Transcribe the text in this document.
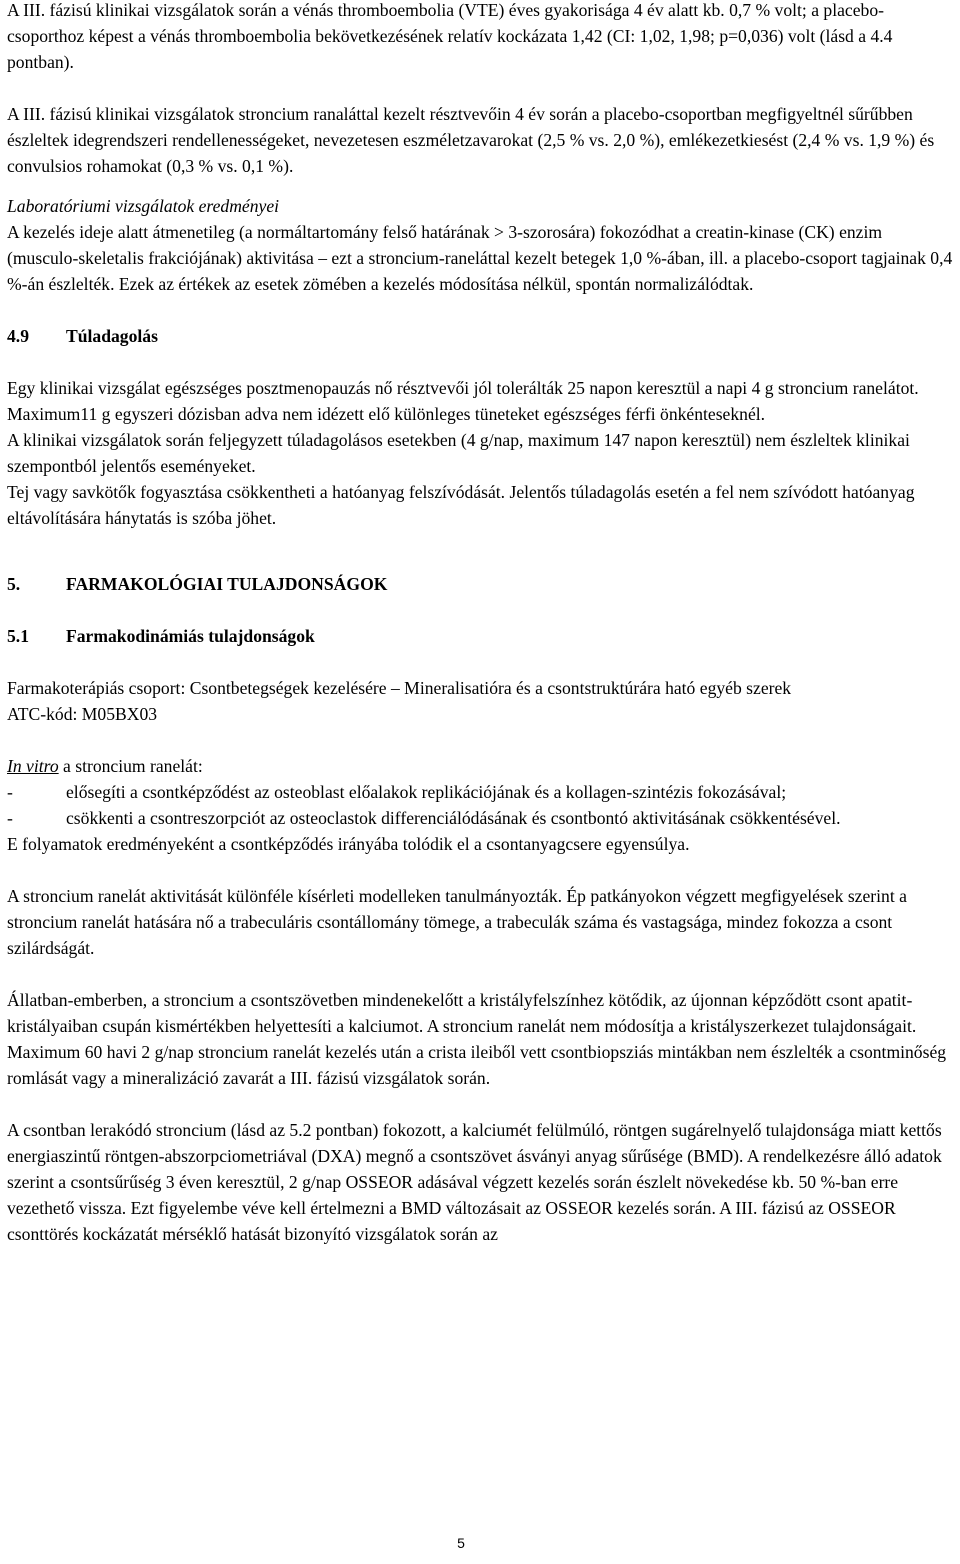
A III. fázisú klinikai vizsgálatok során a vénás thromboembolia (VTE) éves gyakorisága 4 év alatt kb. 0,7 % volt; a placebo-csoporthoz képest a vénás thromboembolia bekövetkezésének relatív kockázata 1,42 (CI: 1,02, 1,98; p=0,036) volt (lásd a 4.4 pontban).

A III. fázisú klinikai vizsgálatok stroncium ranaláttal kezelt résztvevőin 4 év során a placebo-csoportban megfigyeltnél sűrűbben észleltek idegrendszeri rendellenességeket, nevezetesen eszméletzavarokat (2,5 % vs. 2,0 %), emlékezetkiesést (2,4 % vs. 1,9 %) és convulsios rohamokat (0,3 % vs. 0,1 %).

Laboratóriumi vizsgálatok eredményei

A kezelés ideje alatt átmenetileg (a normáltartomány felső határának > 3-szorosára) fokozódhat a creatin-kinase (CK) enzim (musculo-skeletalis frakciójának) aktivitása ‒ ezt a stroncium-raneláttal kezelt betegek 1,0 %-ában, ill. a placebo-csoport tagjainak 0,4 %-án észlelték. Ezek az értékek az esetek zömében a kezelés módosítása nélkül, spontán normalizálódtak.

4.9	Túladagolás

Egy klinikai vizsgálat egészséges posztmenopauzás nő résztvevői jól tolerálták 25 napon keresztül a napi 4 g stroncium ranelátot. Maximum11 g egyszeri dózisban adva nem idézett elő különleges tüneteket egészséges férfi önkénteseknél.

A klinikai vizsgálatok során feljegyzett túladagolásos esetekben (4 g/nap, maximum 147 napon keresztül) nem észleltek klinikai szempontból jelentős eseményeket.

Tej vagy savkötők fogyasztása csökkentheti a hatóanyag felszívódását. Jelentős túladagolás esetén a fel nem szívódott hatóanyag eltávolítására hánytatás is szóba jöhet.

5.	FARMAKOLÓGIAI TULAJDONSÁGOK
5.1	Farmakodinámiás tulajdonságok

Farmakoterápiás csoport: Csontbetegségek kezelésére ‒ Mineralisatióra és a csontstruktúrára ható egyéb szerek

ATC-kód: M05BX03

In vitro a stroncium ranelát:

-	elősegíti a csontképződést az osteoblast előalakok replikációjának és a kollagen-szintézis fokozásával;
-	csökkenti a csontreszorpciót az osteoclastok differenciálódásának és csontbontó aktivitásának csökkentésével.

E folyamatok eredményeként a csontképződés irányába tolódik el a csontanyagcsere egyensúlya.

A stroncium ranelát aktivitását különféle kísérleti modelleken tanulmányozták. Ép patkányokon végzett megfigyelések szerint a stroncium ranelát hatására nő a trabeculáris csontállomány tömege, a trabeculák száma és vastagsága, mindez fokozza a csont szilárdságát.

Állatban-emberben, a stroncium a csontszövetben mindenekelőtt a kristályfelszínhez kötődik, az újonnan képződött csont apatit-kristályaiban csupán kismértékben helyettesíti a kalciumot. A stroncium ranelát nem módosítja a kristályszerkezet tulajdonságait. Maximum 60 havi 2 g/nap stroncium ranelát kezelés után a crista ileiből vett csontbiopsziás mintákban nem észlelték a csontminőség romlását vagy a mineralizáció zavarát a III. fázisú vizsgálatok során.

A csontban lerakódó stroncium (lásd az 5.2 pontban) fokozott, a kalciumét felülmúló, röntgen sugárelnyelő tulajdonsága miatt kettős energiaszintű röntgen-abszorpciometriával (DXA) megnő a csontszövet ásványi anyag sűrűsége (BMD). A rendelkezésre álló adatok szerint a csontsűrűség 3 éven keresztül, 2 g/nap OSSEOR adásával végzett kezelés során észlelt növekedése kb. 50 %-ban erre vezethető vissza. Ezt figyelembe véve kell értelmezni a BMD változásait az OSSEOR kezelés során. A III. fázisú az OSSEOR csonttörés kockázatát mérséklő hatását bizonyító vizsgálatok során az

5
